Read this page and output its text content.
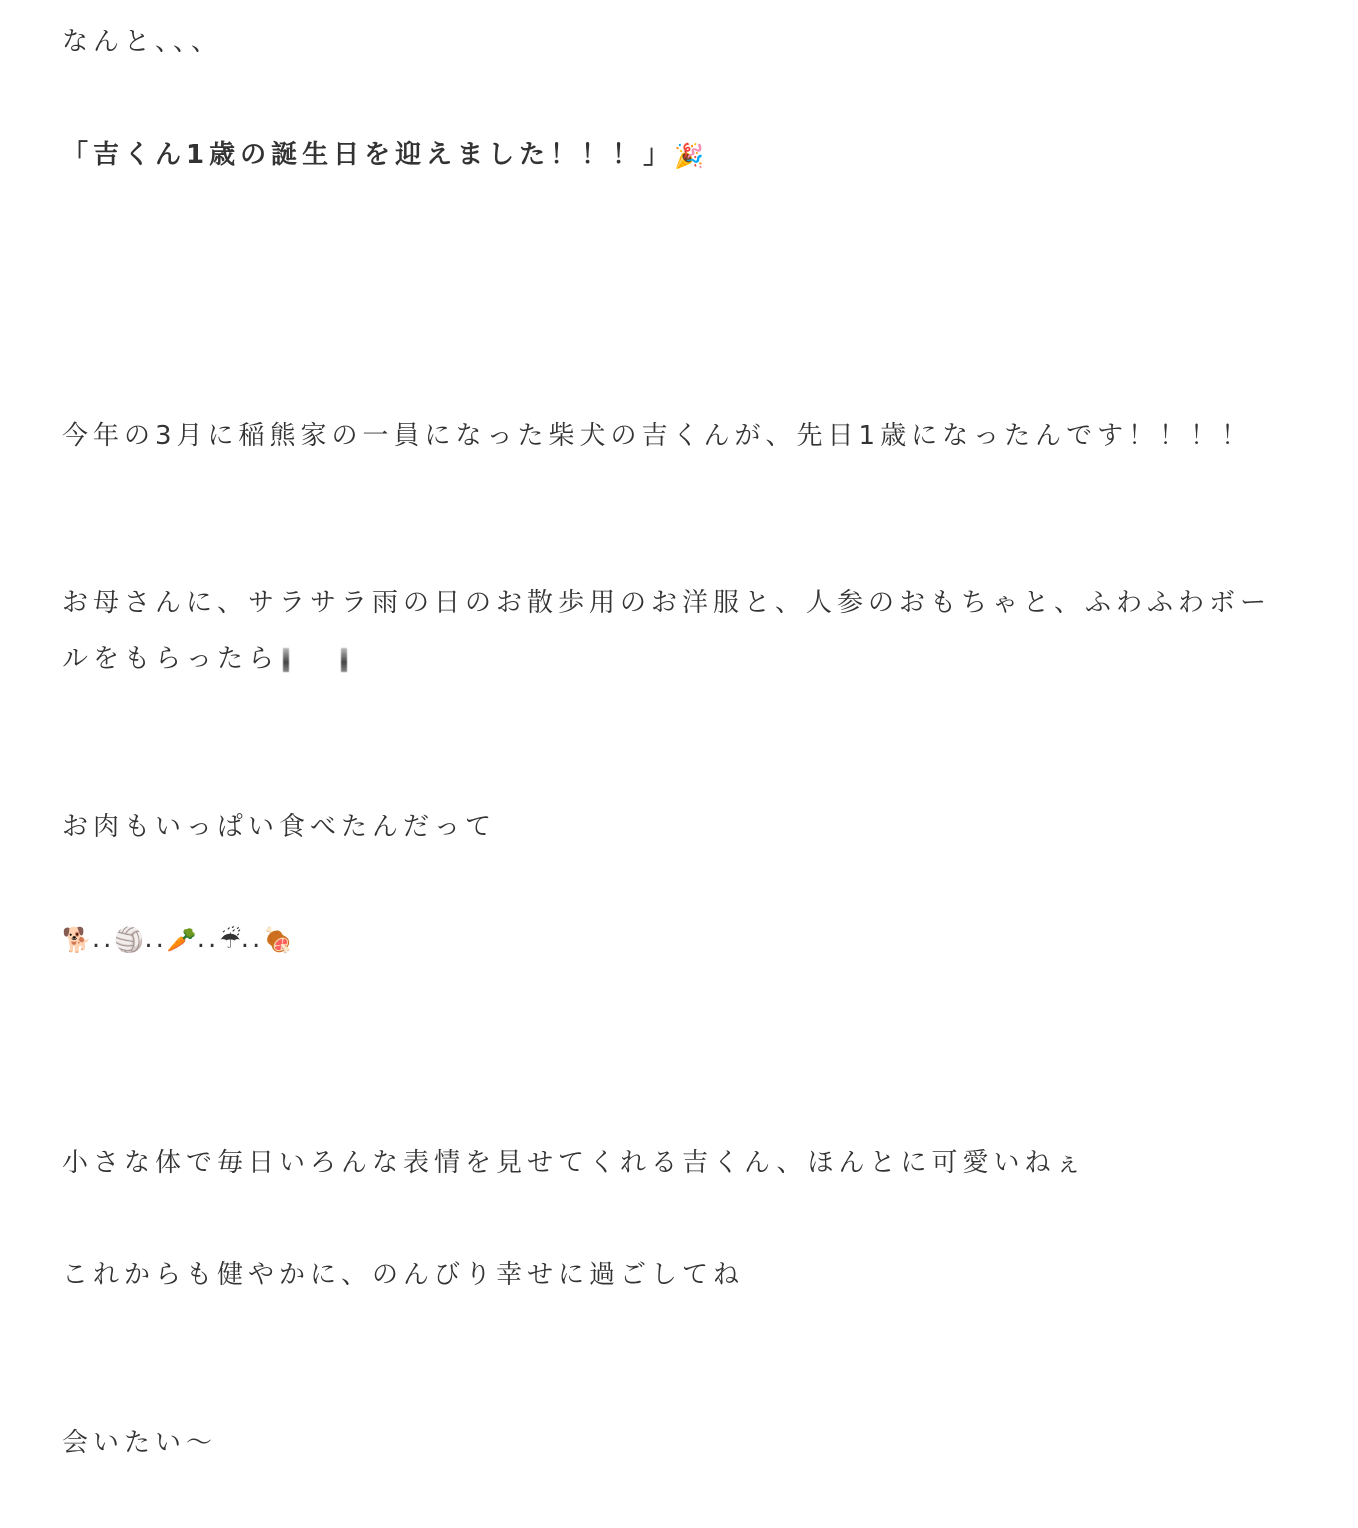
なんと、、、
「吉くん1歳の誕生日を迎えました！！！」🎉
今年の3月に稲熊家の一員になった柴犬の吉くんが、先日1歳になったんです！！！！
お母さんに、サラサラ雨の日のお散歩用のお洋服と、人参のおもちゃと、ふわふわボールをもらったら
お肉もいっぱい食べたんだって
🐕..🏐..🥕..☔..🍖
小さな体で毎日いろんな表情を見せてくれる吉くん、ほんとに可愛いねぇ
これからも健やかに、のんびり幸せに過ごしてね
会いたい〜
